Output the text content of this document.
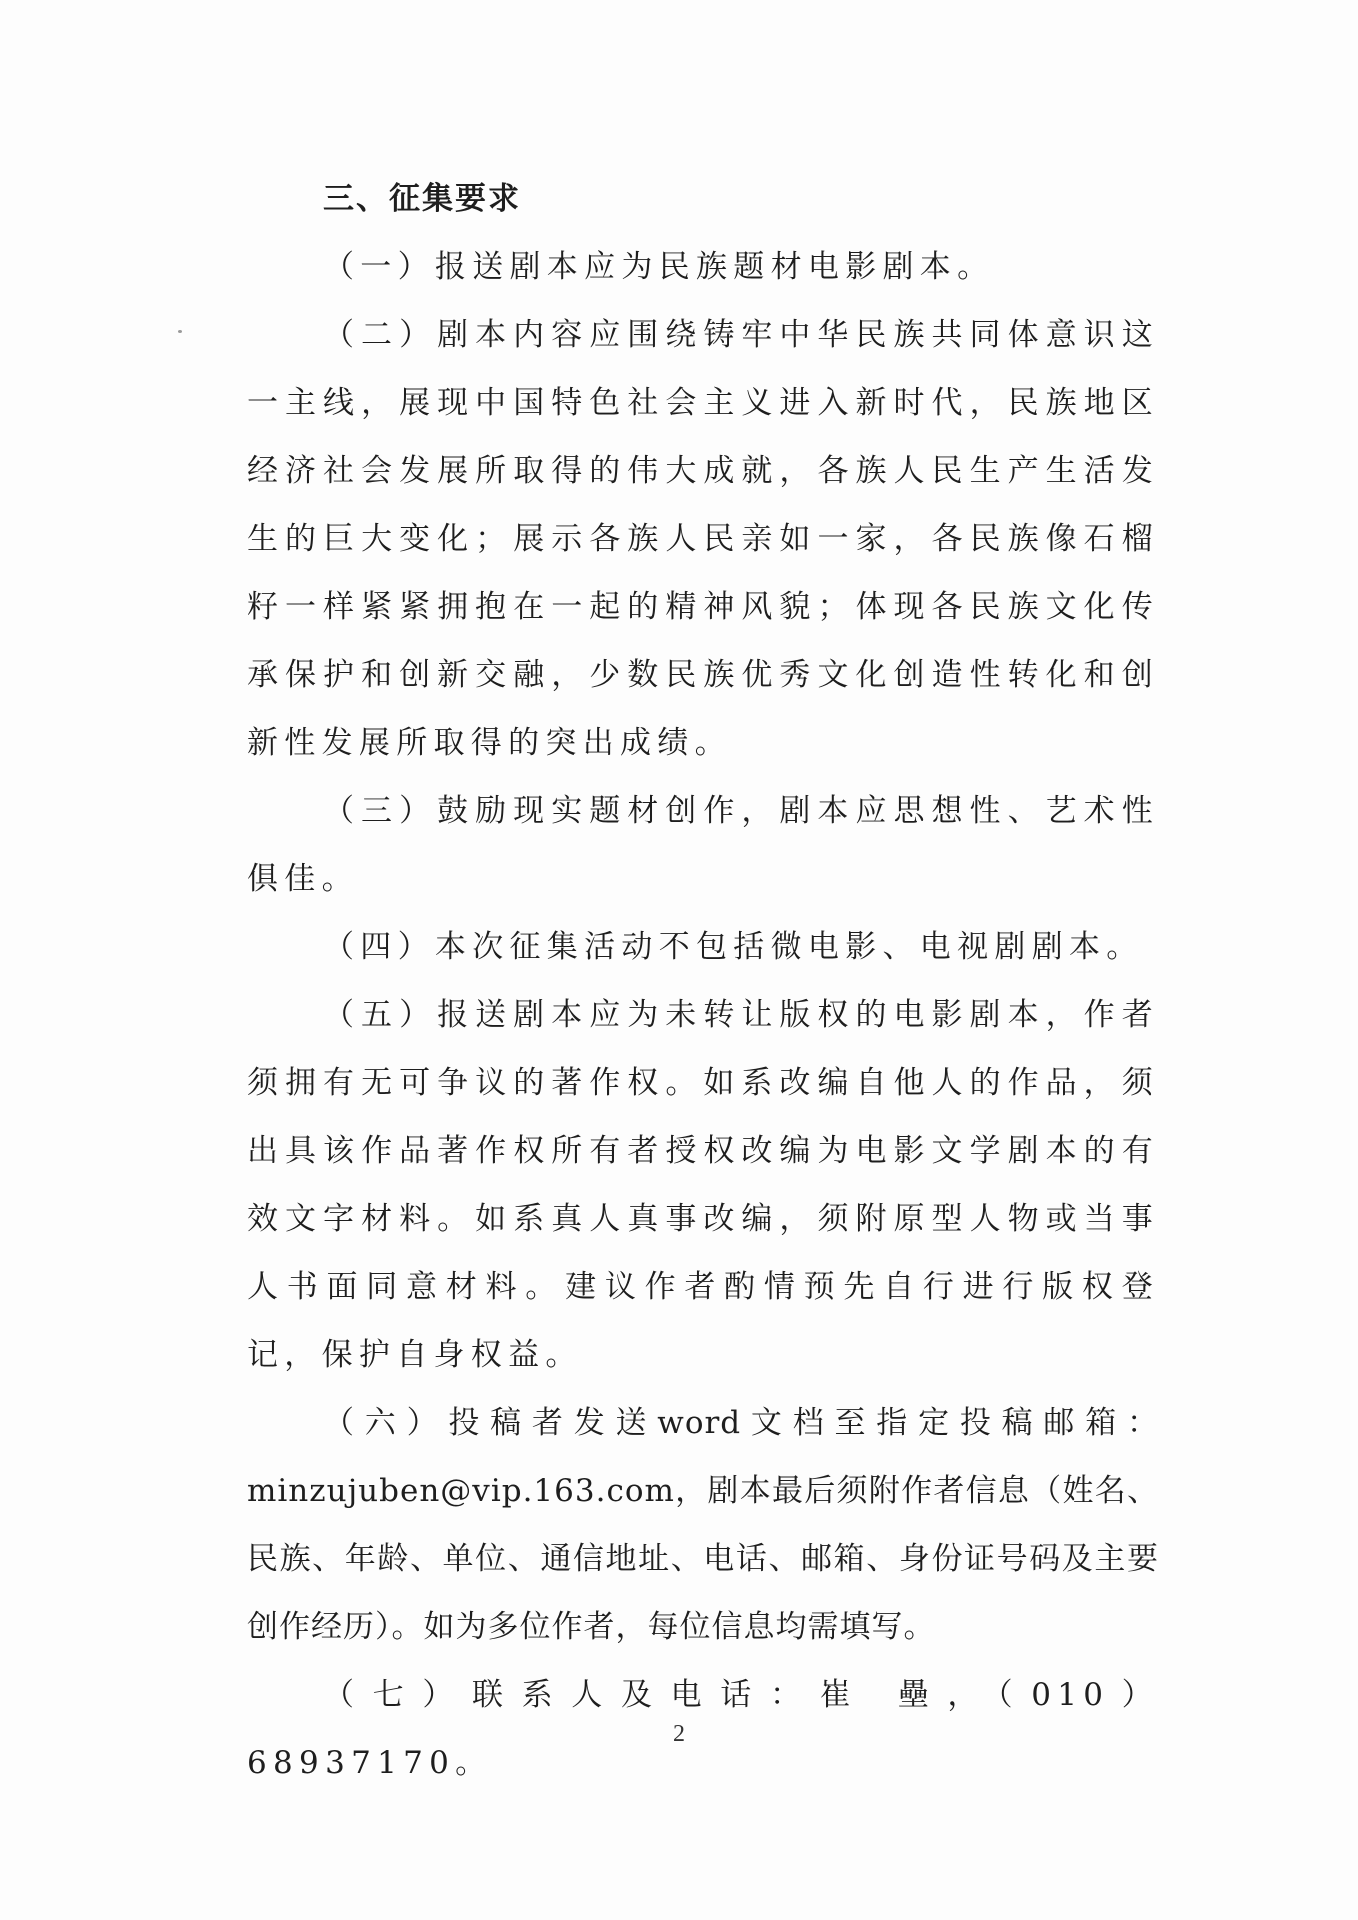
三、征集要求

（一）报送剧本应为民族题材电影剧本。

（二）剧本内容应围绕铸牢中华民族共同体意识这一主线，展现中国特色社会主义进入新时代，民族地区经济社会发展所取得的伟大成就，各族人民生产生活发生的巨大变化；展示各族人民亲如一家，各民族像石榴籽一样紧紧拥抱在一起的精神风貌；体现各民族文化传承保护和创新交融，少数民族优秀文化创造性转化和创新性发展所取得的突出成绩。

（三）鼓励现实题材创作，剧本应思想性、艺术性俱佳。

（四）本次征集活动不包括微电影、电视剧剧本。

（五）报送剧本应为未转让版权的电影剧本，作者须拥有无可争议的著作权。如系改编自他人的作品，须出具该作品著作权所有者授权改编为电影文学剧本的有效文字材料。如系真人真事改编，须附原型人物或当事人书面同意材料。建议作者酌情预先自行进行版权登记，保护自身权益。

（六）投稿者发送word文档至指定投稿邮箱：minzujuben@vip.163.com，剧本最后须附作者信息（姓名、民族、年龄、单位、通信地址、电话、邮箱、身份证号码及主要创作经历）。如为多位作者，每位信息均需填写。

（七）联系人及电话：崔 壘，（010）68937170。

2
